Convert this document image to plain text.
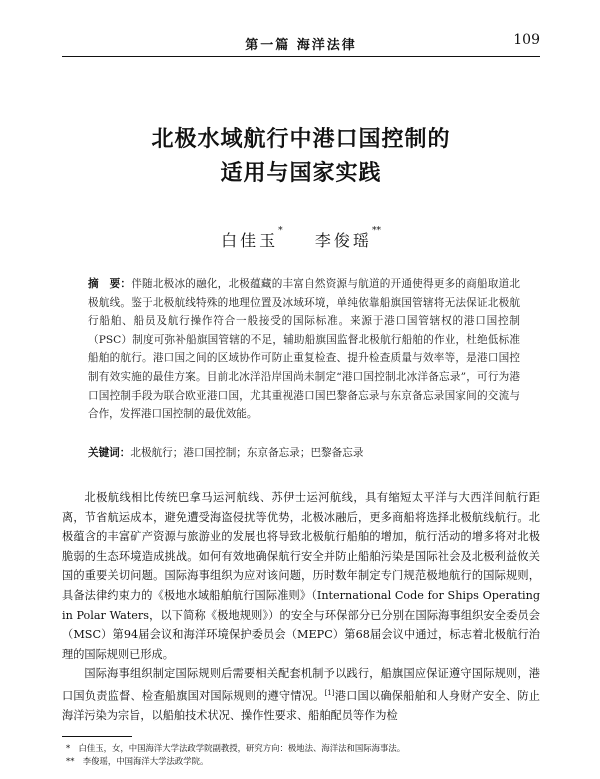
第一篇 海洋法律	109
北极水域航行中港口国控制的
适用与国家实践
白佳玉* 李俊瑶**
摘　要：伴随北极冰的融化，北极蕴藏的丰富自然资源与航道的开通使得更多的商船取道北极航线。鉴于北极航线特殊的地理位置及冰域环境，单纯依靠船旗国管辖将无法保证北极航行船舶、船员及航行操作符合一般接受的国际标准。来源于港口国管辖权的港口国控制（PSC）制度可弥补船旗国管辖的不足，辅助船旗国监督北极航行船舶的作业，杜绝低标准船舶的航行。港口国之间的区域协作可防止重复检查、提升检查质量与效率等，是港口国控制有效实施的最佳方案。目前北冰洋沿岸国尚未制定“港口国控制北冰洋备忘录”，可行为港口国控制手段为联合欧亚港口国，尤其重视港口国巴黎备忘录与东京备忘录国家间的交流与合作，发挥港口国控制的最优效能。
关键词：北极航行；港口国控制；东京备忘录；巴黎备忘录

北极航线相比传统巴拿马运河航线、苏伊士运河航线，具有缩短太平洋与大西洋间航行距离，节省航运成本，避免遭受海盗侵扰等优势，北极冰融后，更多商船将选择北极航线航行。北极蕴含的丰富矿产资源与旅游业的发展也将导致北极航行船舶的增加，航行活动的增多将对北极脆弱的生态环境造成挑战。如何有效地确保航行安全并防止船舶污染是国际社会及北极利益攸关国的重要关切问题。国际海事组织为应对该问题，历时数年制定专门规范极地航行的国际规则，具备法律约束力的《极地水域船舶航行国际准则》（International Code for Ships Operating in Polar Waters，以下简称《极地规则》）的安全与环保部分已分别在国际海事组织安全委员会（MSC）第94届会议和海洋环境保护委员会（MEPC）第68届会议中通过，标志着北极航行治理的国际规则已形成。

国际海事组织制定国际规则后需要相关配套机制予以践行，船旗国应保证遵守国际规则，港口国负责监督、检查船旗国对国际规则的遵守情况。[1]港口国以确保船舶和人身财产安全、防止海洋污染为宗旨，以船舶技术状况、操作性要求、船舶配员等作为检

*　白佳玉，女，中国海洋大学法政学院副教授，研究方向：极地法、海洋法和国际海事法。
**　李俊瑶，中国海洋大学法政学院。
